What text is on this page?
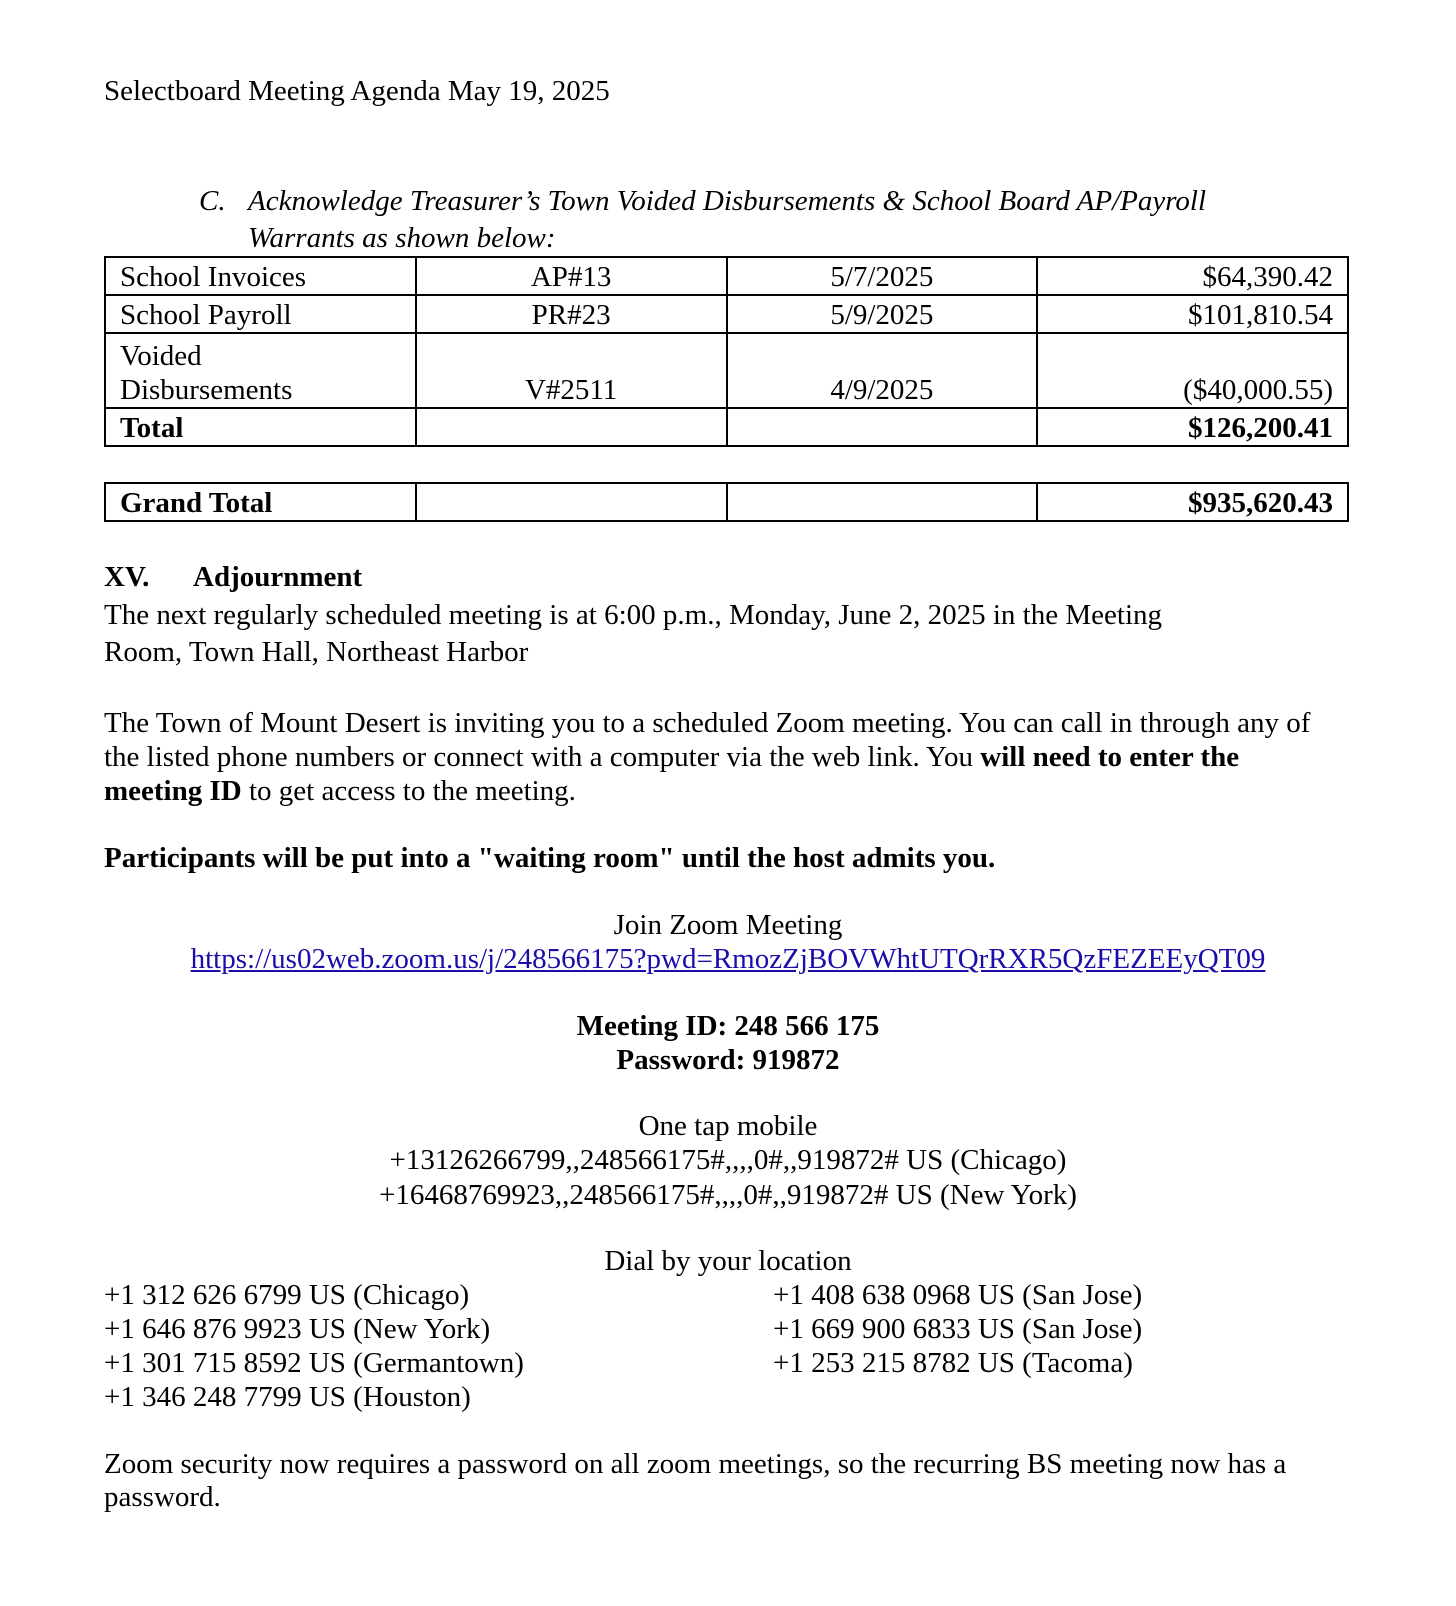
Selectboard Meeting Agenda May 19, 2025
C. Acknowledge Treasurer’s Town Voided Disbursements & School Board AP/Payroll
Warrants as shown below:
School Invoices	AP#13	5/7/2025	$64,390.42
School Payroll	PR#23	5/9/2025	$101,810.54

Voided
Disbursements	V#2511	4/9/2025	($40,000.55)
Total			$126,200.41
Grand Total			$935,620.43
XV. Adjournment
The next regularly scheduled meeting is at 6:00 p.m., Monday, June 2, 2025 in the Meeting
Room, Town Hall, Northeast Harbor
The Town of Mount Desert is inviting you to a scheduled Zoom meeting. You can call in through any of
the listed phone numbers or connect with a computer via the web link. You will need to enter the
meeting ID to get access to the meeting.
Participants will be put into a "waiting room" until the host admits you.
Join Zoom Meeting
https://us02web.zoom.us/j/248566175?pwd=RmozZjBOVWhtUTQrRXR5QzFEZEEyQT09
Meeting ID: 248 566 175
Password: 919872
One tap mobile
+13126266799,,248566175#,,,,0#,,919872# US (Chicago)
+16468769923,,248566175#,,,,0#,,919872# US (New York)
Dial by your location
+1 312 626 6799 US (Chicago)
+1 646 876 9923 US (New York)
+1 301 715 8592 US (Germantown)
+1 346 248 7799 US (Houston)
+1 408 638 0968 US (San Jose)
+1 669 900 6833 US (San Jose)
+1 253 215 8782 US (Tacoma)
Zoom security now requires a password on all zoom meetings, so the recurring BS meeting now has a
password.
